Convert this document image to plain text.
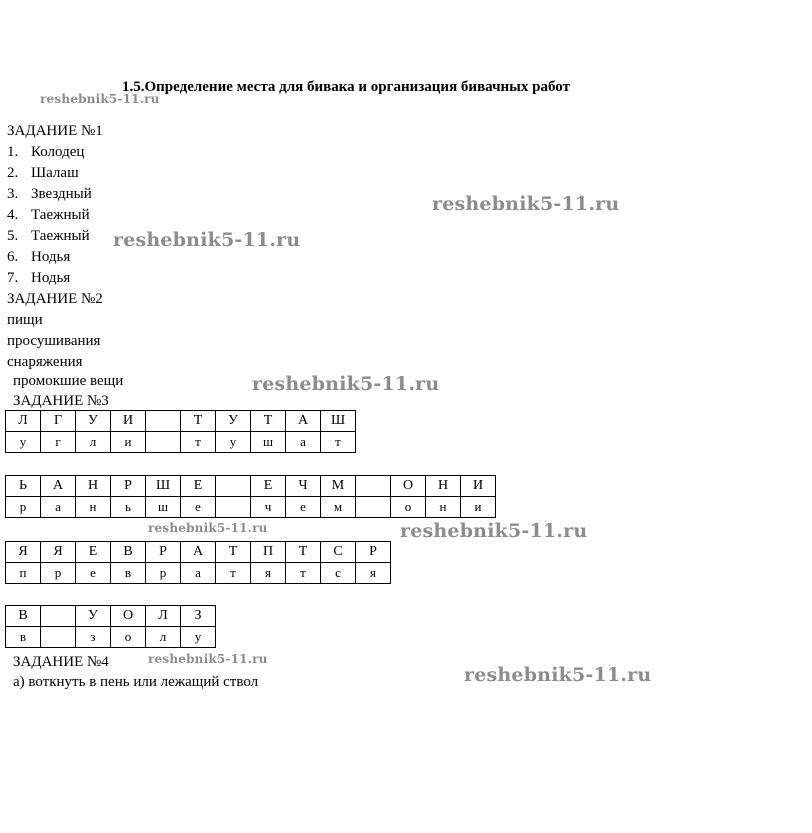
1.5.Определение места для бивака и организация бивачных работ
reshebnik5-11.ru
reshebnik5-11.ru
reshebnik5-11.ru
reshebnik5-11.ru
reshebnik5-11.ru	reshebnik5-11.ru
reshebnik5-11.ru
reshebnik5-11.ru
ЗАДАНИЕ №1
1. Колодец
2. Шалаш
3. Звездный
4. Таежный
5. Таежный
6. Нодья
7. Нодья
ЗАДАНИЕ №2
пищи
просушивания
снаряжения
промокшие вещи
ЗАДАНИЕ №3
Л	Г	У	И		Т	У	Т	А	Ш
у	г	л	и		т	у	ш	а	т
Ь	А	Н	Р	Ш	Е		Е	Ч	М		О	Н	И
р	а	н	ь	ш	е		ч	е	м		о	н	и
Я	Я	Е	В	Р	А	Т	П	Т	С	Р
п	р	е	в	р	а	т	я	т	с	я
В		У	О	Л	З
в		з	о	л	у
ЗАДАНИЕ №4
а) воткнуть в пень или лежащий ствол
